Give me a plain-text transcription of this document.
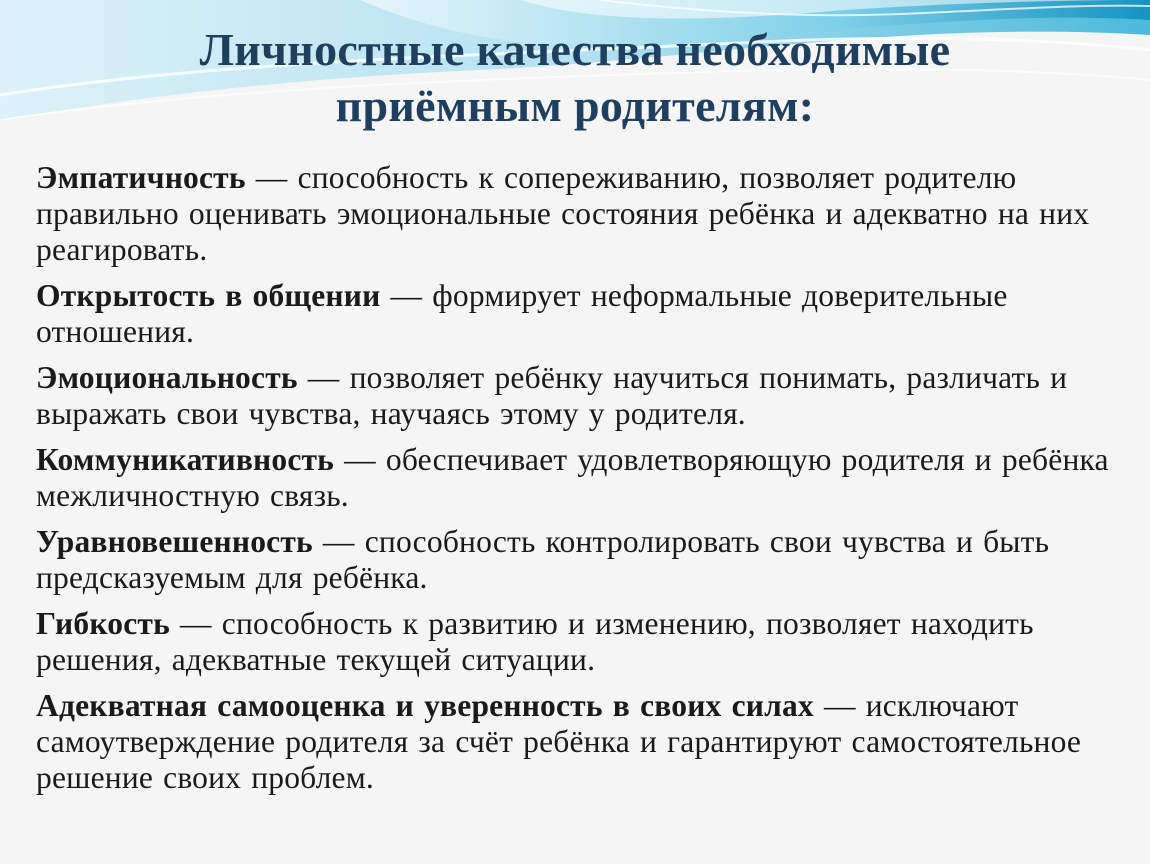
Личностные качества необходимые
приёмным родителям:

Эмпатичность — способность к сопереживанию, позволяет родителю правильно оценивать эмоциональные состояния ребёнка и адекватно на них реагировать.

Открытость в общении — формирует неформальные доверительные отношения.

Эмоциональность — позволяет ребёнку научиться понимать, различать и выражать свои чувства, научаясь этому у родителя.

Коммуникативность — обеспечивает удовлетворяющую родителя и ребёнка межличностную связь.

Уравновешенность — способность контролировать свои чувства и быть предсказуемым для ребёнка.

Гибкость — способность к развитию и изменению, позволяет находить решения, адекватные текущей ситуации.

Адекватная самооценка и уверенность в своих силах — исключают самоутверждение родителя за счёт ребёнка и гарантируют самостоятельное решение своих проблем.
